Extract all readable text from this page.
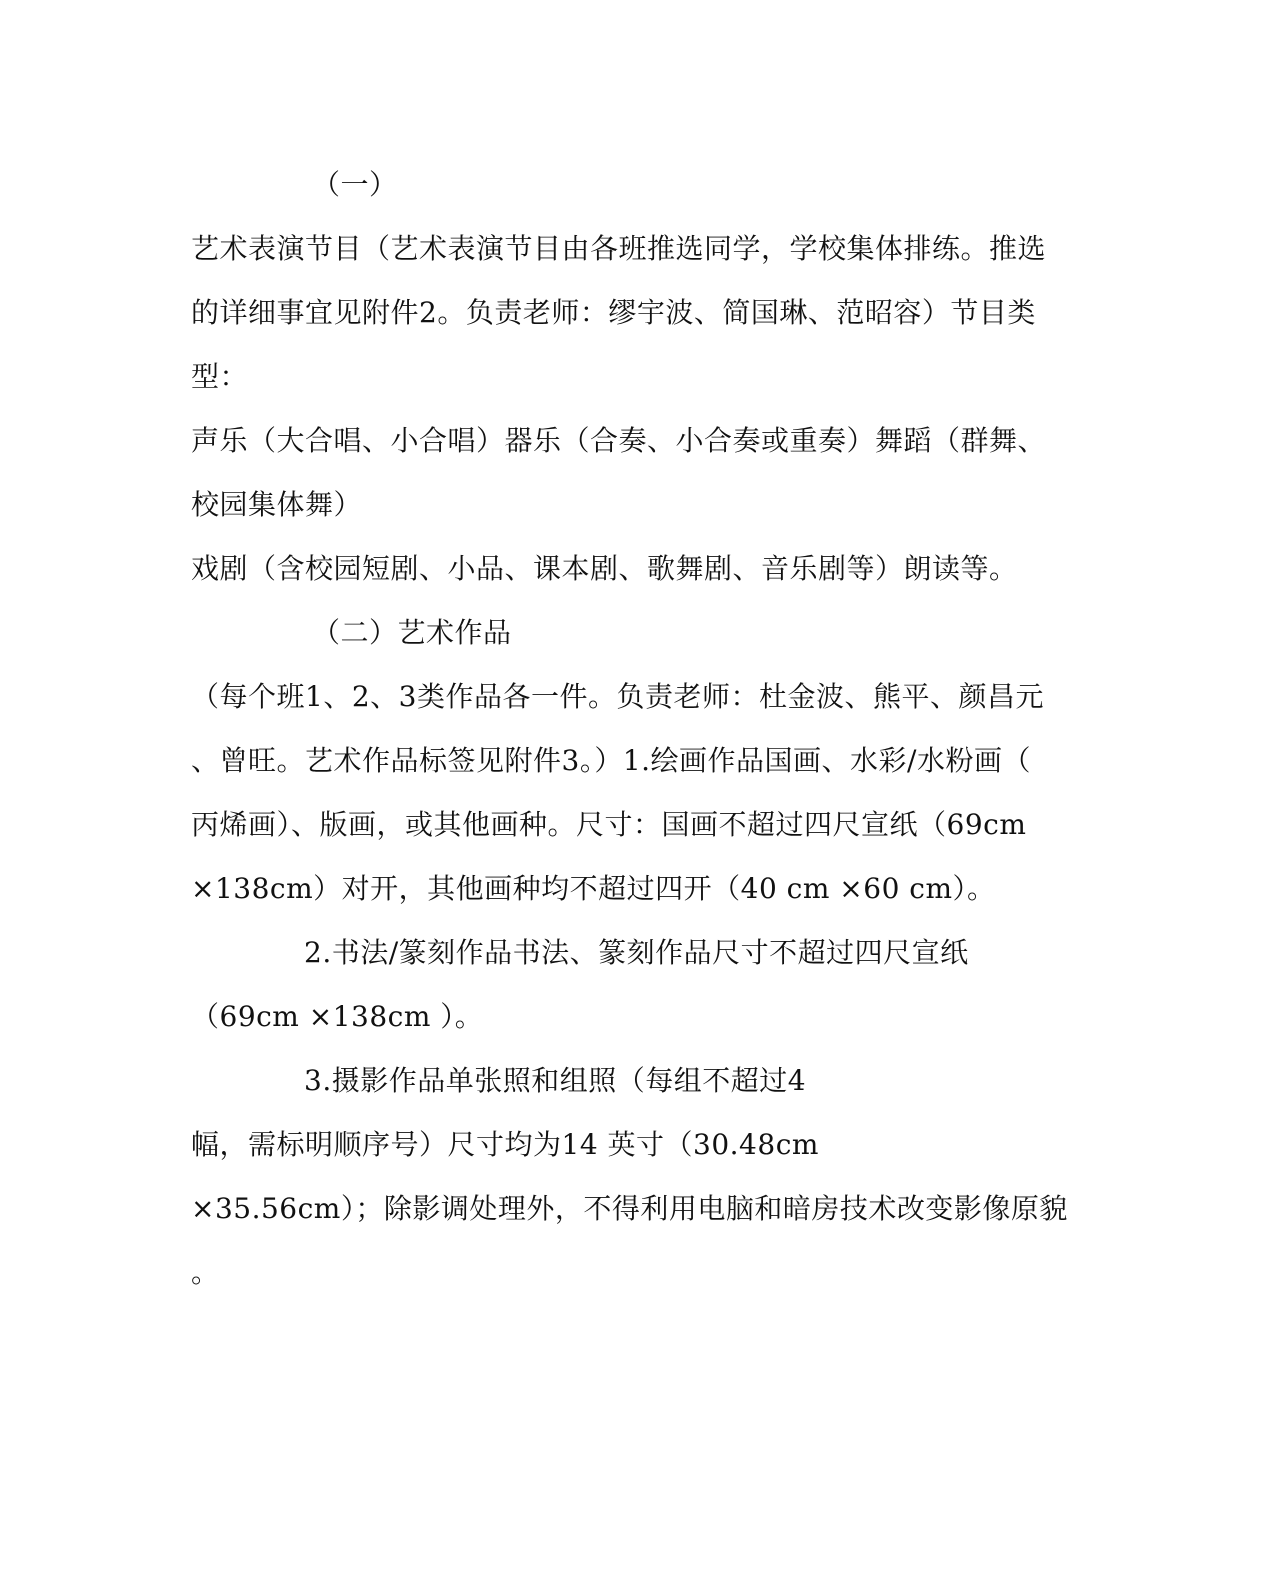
（一）
艺术表演节目（艺术表演节目由各班推选同学，学校集体排练。推选
的详细事宜见附件2。负责老师：缪宇波、简国琳、范昭容）节目类
型：
声乐（大合唱、小合唱）器乐（合奏、小合奏或重奏）舞蹈（群舞、
校园集体舞）
戏剧（含校园短剧、小品、课本剧、歌舞剧、音乐剧等）朗读等。
（二）艺术作品
（每个班1、2、3类作品各一件。负责老师：杜金波、熊平、颜昌元
、曾旺。艺术作品标签见附件3。）1.绘画作品国画、水彩/水粉画（
丙烯画）、版画，或其他画种。尺寸：国画不超过四尺宣纸（69cm
×138cm）对开，其他画种均不超过四开（40 cm ×60 cm）。
2.书法/篆刻作品书法、篆刻作品尺寸不超过四尺宣纸
（69cm ×138cm ）。
3.摄影作品单张照和组照（每组不超过4
幅，需标明顺序号）尺寸均为14 英寸（30.48cm
×35.56cm）；除影调处理外，不得利用电脑和暗房技术改变影像原貌
。
